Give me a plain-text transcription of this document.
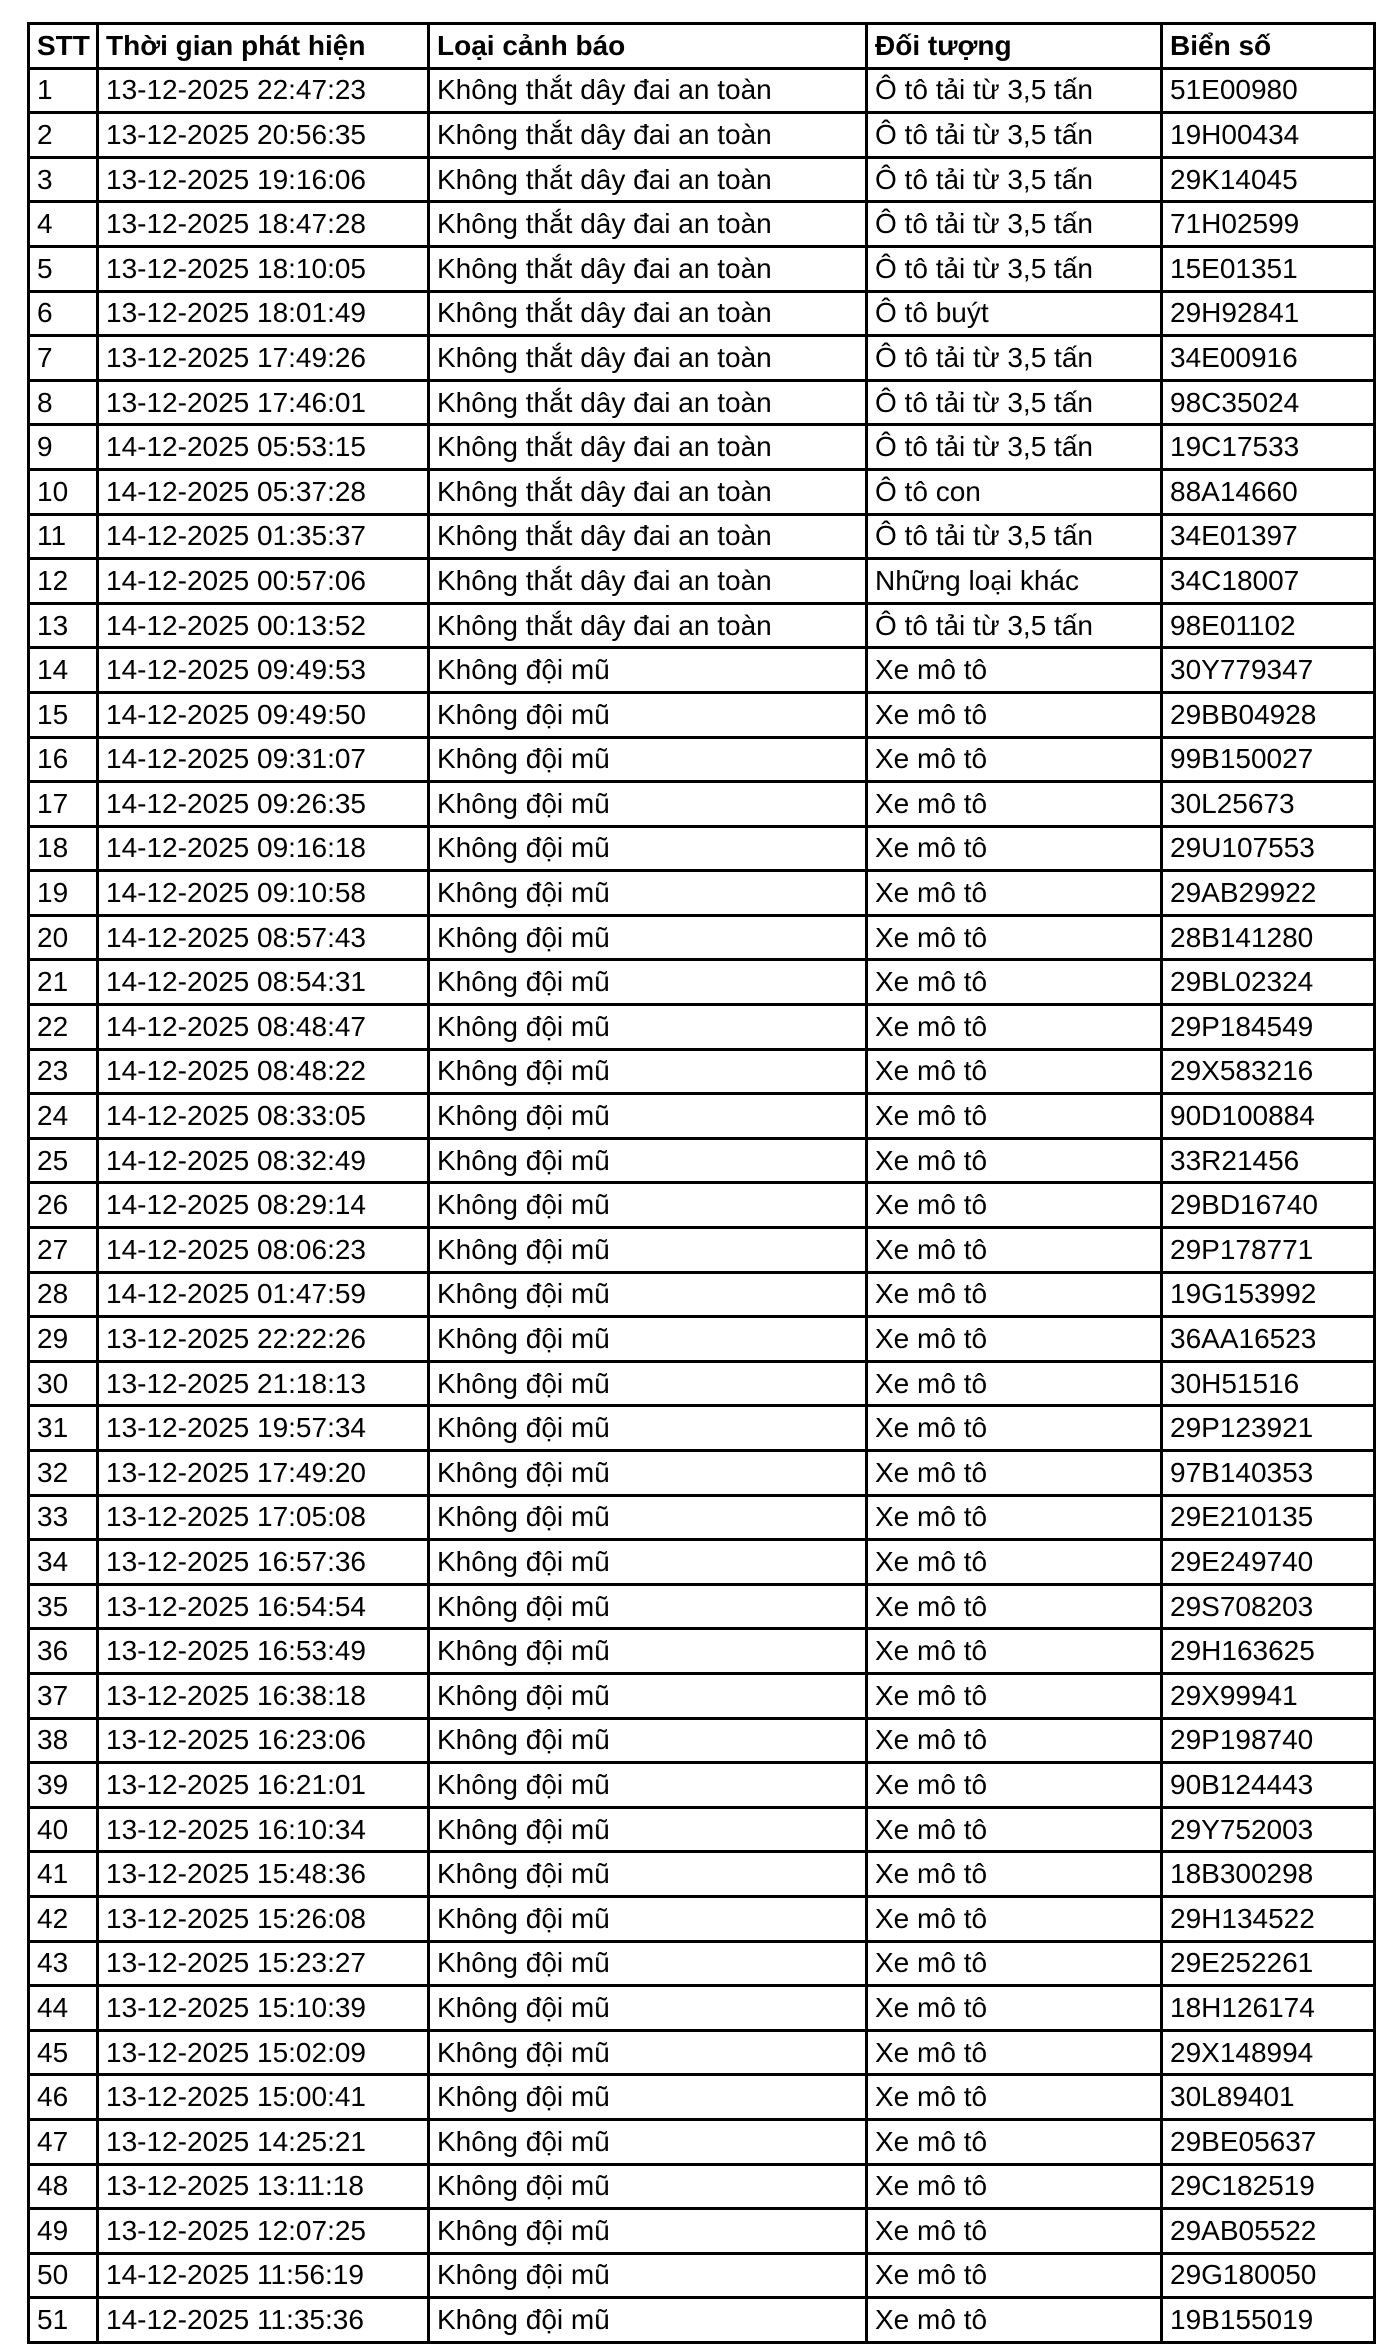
STT	Thời gian phát hiện	Loại cảnh báo	Đối tượng	Biển số
1	13-12-2025 22:47:23	Không thắt dây đai an toàn	Ô tô tải từ 3,5 tấn	51E00980
2	13-12-2025 20:56:35	Không thắt dây đai an toàn	Ô tô tải từ 3,5 tấn	19H00434
3	13-12-2025 19:16:06	Không thắt dây đai an toàn	Ô tô tải từ 3,5 tấn	29K14045
4	13-12-2025 18:47:28	Không thắt dây đai an toàn	Ô tô tải từ 3,5 tấn	71H02599
5	13-12-2025 18:10:05	Không thắt dây đai an toàn	Ô tô tải từ 3,5 tấn	15E01351
6	13-12-2025 18:01:49	Không thắt dây đai an toàn	Ô tô buýt	29H92841
7	13-12-2025 17:49:26	Không thắt dây đai an toàn	Ô tô tải từ 3,5 tấn	34E00916
8	13-12-2025 17:46:01	Không thắt dây đai an toàn	Ô tô tải từ 3,5 tấn	98C35024
9	14-12-2025 05:53:15	Không thắt dây đai an toàn	Ô tô tải từ 3,5 tấn	19C17533
10	14-12-2025 05:37:28	Không thắt dây đai an toàn	Ô tô con	88A14660
11	14-12-2025 01:35:37	Không thắt dây đai an toàn	Ô tô tải từ 3,5 tấn	34E01397
12	14-12-2025 00:57:06	Không thắt dây đai an toàn	Những loại khác	34C18007
13	14-12-2025 00:13:52	Không thắt dây đai an toàn	Ô tô tải từ 3,5 tấn	98E01102
14	14-12-2025 09:49:53	Không đội mũ	Xe mô tô	30Y779347
15	14-12-2025 09:49:50	Không đội mũ	Xe mô tô	29BB04928
16	14-12-2025 09:31:07	Không đội mũ	Xe mô tô	99B150027
17	14-12-2025 09:26:35	Không đội mũ	Xe mô tô	30L25673
18	14-12-2025 09:16:18	Không đội mũ	Xe mô tô	29U107553
19	14-12-2025 09:10:58	Không đội mũ	Xe mô tô	29AB29922
20	14-12-2025 08:57:43	Không đội mũ	Xe mô tô	28B141280
21	14-12-2025 08:54:31	Không đội mũ	Xe mô tô	29BL02324
22	14-12-2025 08:48:47	Không đội mũ	Xe mô tô	29P184549
23	14-12-2025 08:48:22	Không đội mũ	Xe mô tô	29X583216
24	14-12-2025 08:33:05	Không đội mũ	Xe mô tô	90D100884
25	14-12-2025 08:32:49	Không đội mũ	Xe mô tô	33R21456
26	14-12-2025 08:29:14	Không đội mũ	Xe mô tô	29BD16740
27	14-12-2025 08:06:23	Không đội mũ	Xe mô tô	29P178771
28	14-12-2025 01:47:59	Không đội mũ	Xe mô tô	19G153992
29	13-12-2025 22:22:26	Không đội mũ	Xe mô tô	36AA16523
30	13-12-2025 21:18:13	Không đội mũ	Xe mô tô	30H51516
31	13-12-2025 19:57:34	Không đội mũ	Xe mô tô	29P123921
32	13-12-2025 17:49:20	Không đội mũ	Xe mô tô	97B140353
33	13-12-2025 17:05:08	Không đội mũ	Xe mô tô	29E210135
34	13-12-2025 16:57:36	Không đội mũ	Xe mô tô	29E249740
35	13-12-2025 16:54:54	Không đội mũ	Xe mô tô	29S708203
36	13-12-2025 16:53:49	Không đội mũ	Xe mô tô	29H163625
37	13-12-2025 16:38:18	Không đội mũ	Xe mô tô	29X99941
38	13-12-2025 16:23:06	Không đội mũ	Xe mô tô	29P198740
39	13-12-2025 16:21:01	Không đội mũ	Xe mô tô	90B124443
40	13-12-2025 16:10:34	Không đội mũ	Xe mô tô	29Y752003
41	13-12-2025 15:48:36	Không đội mũ	Xe mô tô	18B300298
42	13-12-2025 15:26:08	Không đội mũ	Xe mô tô	29H134522
43	13-12-2025 15:23:27	Không đội mũ	Xe mô tô	29E252261
44	13-12-2025 15:10:39	Không đội mũ	Xe mô tô	18H126174
45	13-12-2025 15:02:09	Không đội mũ	Xe mô tô	29X148994
46	13-12-2025 15:00:41	Không đội mũ	Xe mô tô	30L89401
47	13-12-2025 14:25:21	Không đội mũ	Xe mô tô	29BE05637
48	13-12-2025 13:11:18	Không đội mũ	Xe mô tô	29C182519
49	13-12-2025 12:07:25	Không đội mũ	Xe mô tô	29AB05522
50	14-12-2025 11:56:19	Không đội mũ	Xe mô tô	29G180050
51	14-12-2025 11:35:36	Không đội mũ	Xe mô tô	19B155019
